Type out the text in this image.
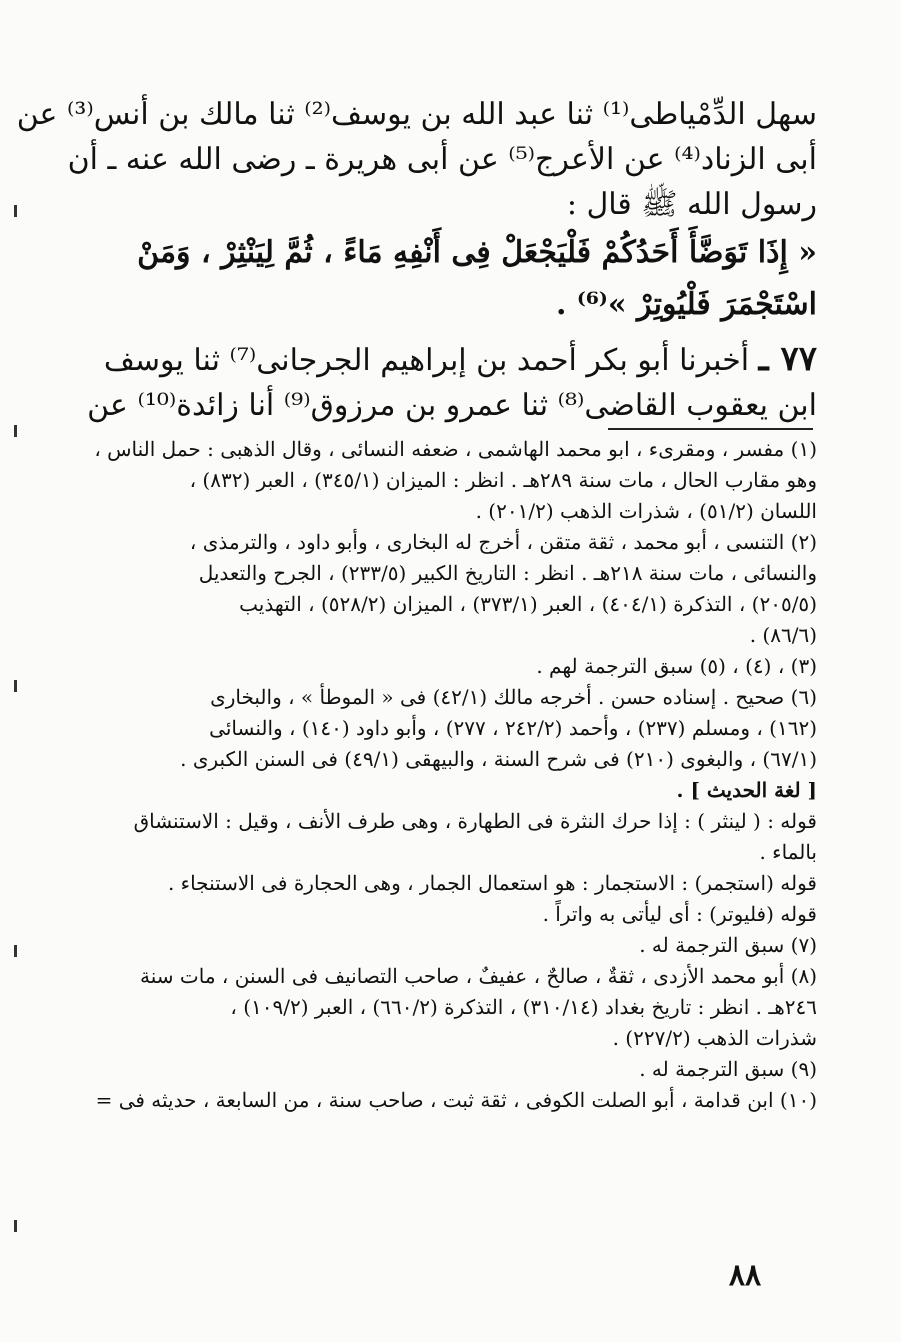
سهل الدِّمْياطى⁽¹⁾ ثنا عبد الله بن يوسف⁽²⁾ ثنا مالك بن أنس⁽³⁾ عن

أبى الزناد⁽⁴⁾ عن الأعرج⁽⁵⁾ عن أبى هريرة ـ رضى الله عنه ـ أن

رسول الله ﷺ قال :

« إِذَا تَوَضَّأَ أَحَدُكُمْ فَلْيَجْعَلْ فِى أَنْفِهِ مَاءً ، ثُمَّ لِيَنْثِرْ ، وَمَنْ

اسْتَجْمَرَ فَلْيُوتِرْ »⁽⁶⁾ .

٧٧ ـ أخبرنا أبو بكر أحمد بن إبراهيم الجرجانى⁽⁷⁾ ثنا يوسف

ابن يعقوب القاضى⁽⁸⁾ ثنا عمرو بن مرزوق⁽⁹⁾ أنا زائدة⁽¹⁰⁾ عن

(١) مفسر ، ومقرىء ، ابو محمد الهاشمى ، ضعفه النسائى ، وقال الذهبى : حمل الناس ،

وهو مقارب الحال ، مات سنة ٢٨٩هـ . انظر : الميزان (٣٤٥/١) ، العبر (٨٣٢) ،

اللسان (٥١/٢) ، شذرات الذهب (٢٠١/٢) .

(٢) التنسى ، أبو محمد ، ثقة متقن ، أخرج له البخارى ، وأبو داود ، والترمذى ،

والنسائى ، مات سنة ٢١٨هـ . انظر : التاريخ الكبير (٢٣٣/٥) ، الجرح والتعديل

(٢٠٥/٥) ، التذكرة (٤٠٤/١) ، العبر (٣٧٣/١) ، الميزان (٥٢٨/٢) ، التهذيب

(٨٦/٦) .

(٣) ، (٤) ، (٥) سبق الترجمة لهم .

(٦) صحيح . إسناده حسن . أخرجه مالك (٤٢/١) فى « الموطأ » ، والبخارى

(١٦٢) ، ومسلم (٢٣٧) ، وأحمد (٢٤٢/٢ ، ٢٧٧) ، وأبو داود (١٤٠) ، والنسائى

(٦٧/١) ، والبغوى (٢١٠) فى شرح السنة ، والبيهقى (٤٩/١) فى السنن الكبرى .

[ لغة الحديث ] .

قوله : ( لينثر ) : إذا حرك النثرة فى الطهارة ، وهى طرف الأنف ، وقيل : الاستنشاق

بالماء .

قوله (استجمر) : الاستجمار : هو استعمال الجمار ، وهى الحجارة فى الاستنجاء .

قوله (فليوتر) : أى ليأتى به واتراً .

(٧) سبق الترجمة له .

(٨) أبو محمد الأزدى ، ثقةٌ ، صالحٌ ، عفيفٌ ، صاحب التصانيف فى السنن ، مات سنة

٢٤٦هـ . انظر : تاريخ بغداد (٣١٠/١٤) ، التذكرة (٦٦٠/٢) ، العبر (١٠٩/٢) ،

شذرات الذهب (٢٢٧/٢) .

(٩) سبق الترجمة له .

(١٠) ابن قدامة ، أبو الصلت الكوفى ، ثقة ثبت ، صاحب سنة ، من السابعة ، حديثه فى =

٨٨
